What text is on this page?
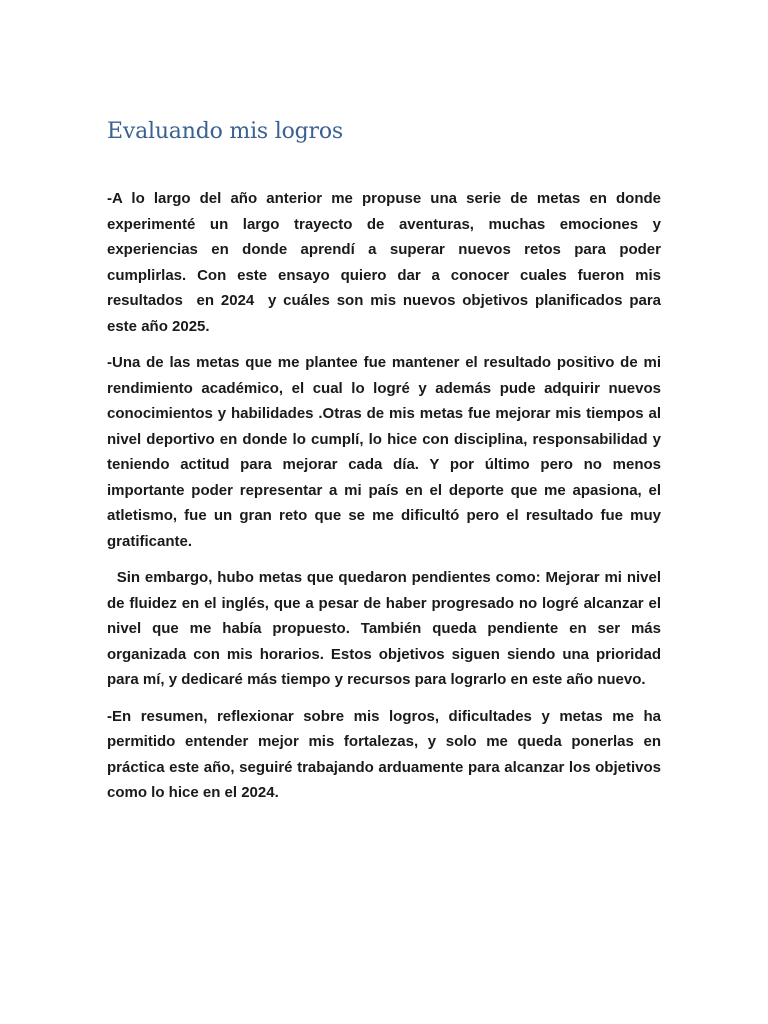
Evaluando mis logros

-A lo largo del año anterior me propuse una serie de metas en donde experimenté un largo trayecto de aventuras, muchas emociones y experiencias en donde aprendí a superar nuevos retos para poder cumplirlas. Con este ensayo quiero dar a conocer cuales fueron mis resultados  en 2024  y cuáles son mis nuevos objetivos planificados para este año 2025.

-Una de las metas que me plantee fue mantener el resultado positivo de mi rendimiento académico, el cual lo logré y además pude adquirir nuevos conocimientos y habilidades .Otras de mis metas fue mejorar mis tiempos al nivel deportivo en donde lo cumplí, lo hice con disciplina, responsabilidad y teniendo actitud para mejorar cada día. Y por último pero no menos importante poder representar a mi país en el deporte que me apasiona, el atletismo, fue un gran reto que se me dificultó pero el resultado fue muy gratificante.

Sin embargo, hubo metas que quedaron pendientes como: Mejorar mi nivel de fluidez en el inglés, que a pesar de haber progresado no logré alcanzar el nivel que me había propuesto. También queda pendiente en ser más organizada con mis horarios. Estos objetivos siguen siendo una prioridad para mí, y dedicaré más tiempo y recursos para lograrlo en este año nuevo.

-En resumen, reflexionar sobre mis logros, dificultades y metas me ha permitido entender mejor mis fortalezas, y solo me queda ponerlas en práctica este año, seguiré trabajando arduamente para alcanzar los objetivos como lo hice en el 2024.
